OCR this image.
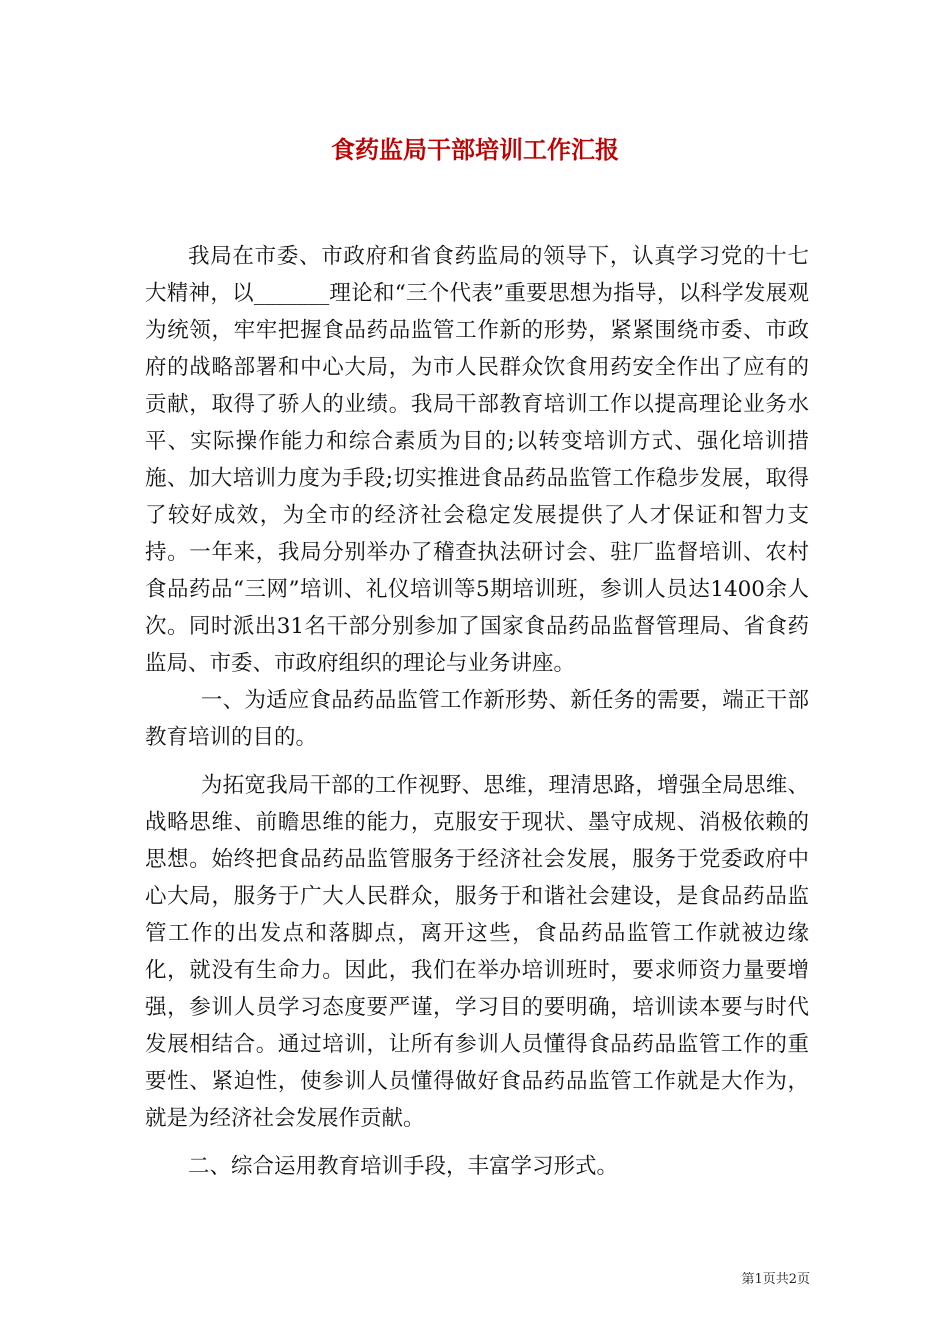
食药监局干部培训工作汇报

我局在市委、市政府和省食药监局的领导下，认真学习党的十七大精神，以_______理论和“三个代表”重要思想为指导，以科学发展观为统领，牢牢把握食品药品监管工作新的形势，紧紧围绕市委、市政府的战略部署和中心大局，为市人民群众饮食用药安全作出了应有的贡献，取得了骄人的业绩。我局干部教育培训工作以提高理论业务水平、实际操作能力和综合素质为目的;以转变培训方式、强化培训措施、加大培训力度为手段;切实推进食品药品监管工作稳步发展，取得了较好成效，为全市的经济社会稳定发展提供了人才保证和智力支持。一年来，我局分别举办了稽查执法研讨会、驻厂监督培训、农村食品药品“三网”培训、礼仪培训等5期培训班，参训人员达1400余人次。同时派出31名干部分别参加了国家食品药品监督管理局、省食药监局、市委、市政府组织的理论与业务讲座。

一、为适应食品药品监管工作新形势、新任务的需要，端正干部教育培训的目的。

为拓宽我局干部的工作视野、思维，理清思路，增强全局思维、战略思维、前瞻思维的能力，克服安于现状、墨守成规、消极依赖的思想。始终把食品药品监管服务于经济社会发展，服务于党委政府中心大局，服务于广大人民群众，服务于和谐社会建设，是食品药品监管工作的出发点和落脚点，离开这些，食品药品监管工作就被边缘化，就没有生命力。因此，我们在举办培训班时，要求师资力量要增强，参训人员学习态度要严谨，学习目的要明确，培训读本要与时代发展相结合。通过培训，让所有参训人员懂得食品药品监管工作的重要性、紧迫性，使参训人员懂得做好食品药品监管工作就是大作为，就是为经济社会发展作贡献。

二、综合运用教育培训手段，丰富学习形式。

第1页共2页
